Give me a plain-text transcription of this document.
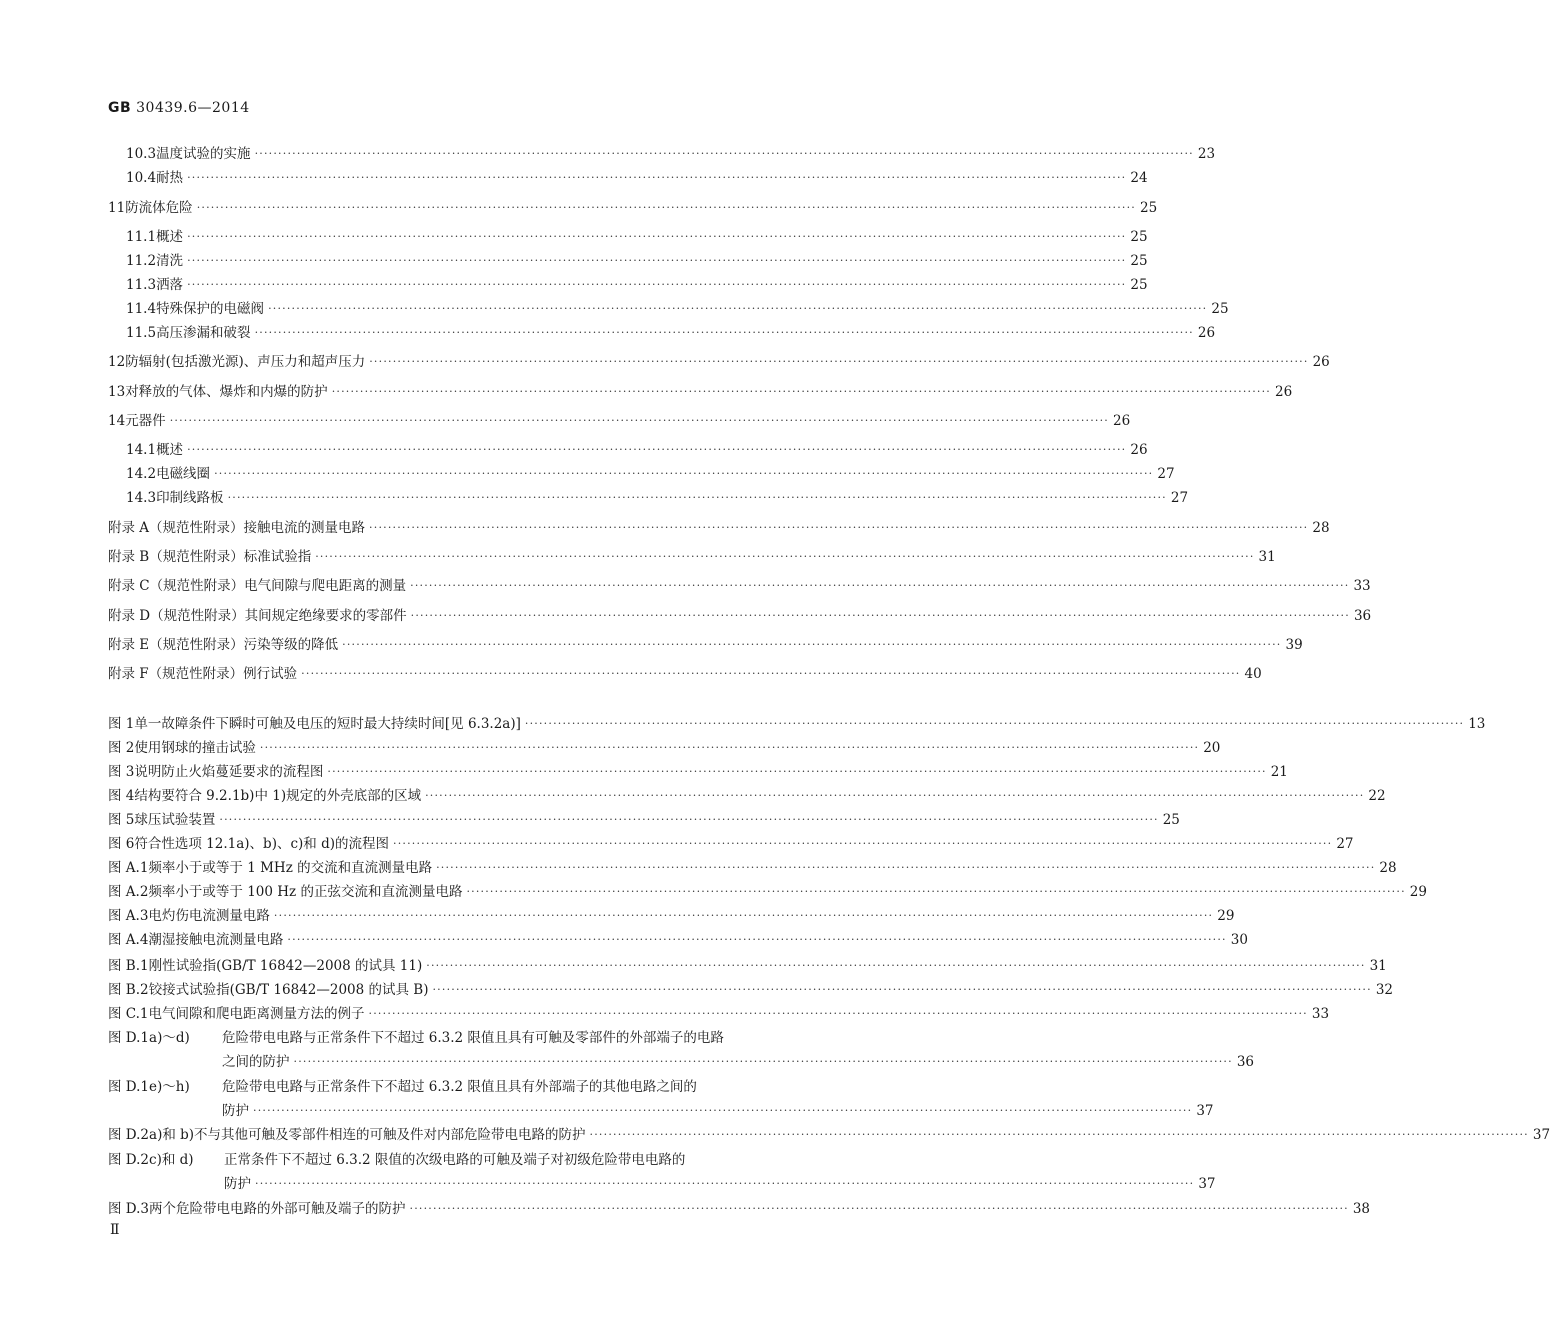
GB 30439.6—2014
10.3 温度试验的实施 ········································································································································································································ 23
10.4 耐热 ········································································································································································································ 24
11 防流体危险 ········································································································································································································ 25
11.1 概述 ········································································································································································································ 25
11.2 清洗 ········································································································································································································ 25
11.3 洒落 ········································································································································································································ 25
11.4 特殊保护的电磁阀 ········································································································································································································ 25
11.5 高压渗漏和破裂 ········································································································································································································ 26
12 防辐射(包括激光源)、声压力和超声压力 ········································································································································································································ 26
13 对释放的气体、爆炸和内爆的防护 ········································································································································································································ 26
14 元器件 ········································································································································································································ 26
14.1 概述 ········································································································································································································ 26
14.2 电磁线圈 ········································································································································································································ 27
14.3 印制线路板 ········································································································································································································ 27
附录 A（规范性附录） 接触电流的测量电路 ········································································································································································································ 28
附录 B（规范性附录） 标准试验指 ········································································································································································································ 31
附录 C（规范性附录） 电气间隙与爬电距离的测量 ········································································································································································································ 33
附录 D（规范性附录） 其间规定绝缘要求的零部件 ········································································································································································································ 36
附录 E（规范性附录） 污染等级的降低 ········································································································································································································ 39
附录 F（规范性附录） 例行试验 ········································································································································································································ 40
图 1 单一故障条件下瞬时可触及电压的短时最大持续时间[见 6.3.2a)] ········································································································································································································ 13
图 2 使用钢球的撞击试验 ········································································································································································································ 20
图 3 说明防止火焰蔓延要求的流程图 ········································································································································································································ 21
图 4 结构要符合 9.2.1b)中 1)规定的外壳底部的区域 ········································································································································································································ 22
图 5 球压试验装置 ········································································································································································································ 25
图 6 符合性选项 12.1a)、b)、c)和 d)的流程图 ········································································································································································································ 27
图 A.1 频率小于或等于 1 MHz 的交流和直流测量电路 ········································································································································································································ 28
图 A.2 频率小于或等于 100 Hz 的正弦交流和直流测量电路 ········································································································································································································ 29
图 A.3 电灼伤电流测量电路 ········································································································································································································ 29
图 A.4 潮湿接触电流测量电路 ········································································································································································································ 30
图 B.1 刚性试验指(GB/T 16842—2008 的试具 11) ········································································································································································································ 31
图 B.2 铰接式试验指(GB/T 16842—2008 的试具 B) ········································································································································································································ 32
图 C.1 电气间隙和爬电距离测量方法的例子 ········································································································································································································ 33
图 D.1a)～d) 危险带电电路与正常条件下不超过 6.3.2 限值且具有可触及零部件的外部端子的电路
之间的防护 ········································································································································································································ 36
图 D.1e)～h) 危险带电电路与正常条件下不超过 6.3.2 限值且具有外部端子的其他电路之间的
防护 ········································································································································································································ 37
图 D.2a)和 b) 不与其他可触及零部件相连的可触及件对内部危险带电电路的防护 ········································································································································································································ 37
图 D.2c)和 d) 正常条件下不超过 6.3.2 限值的次级电路的可触及端子对初级危险带电电路的
防护 ········································································································································································································ 37
图 D.3 两个危险带电电路的外部可触及端子的防护 ········································································································································································································ 38
Ⅱ
